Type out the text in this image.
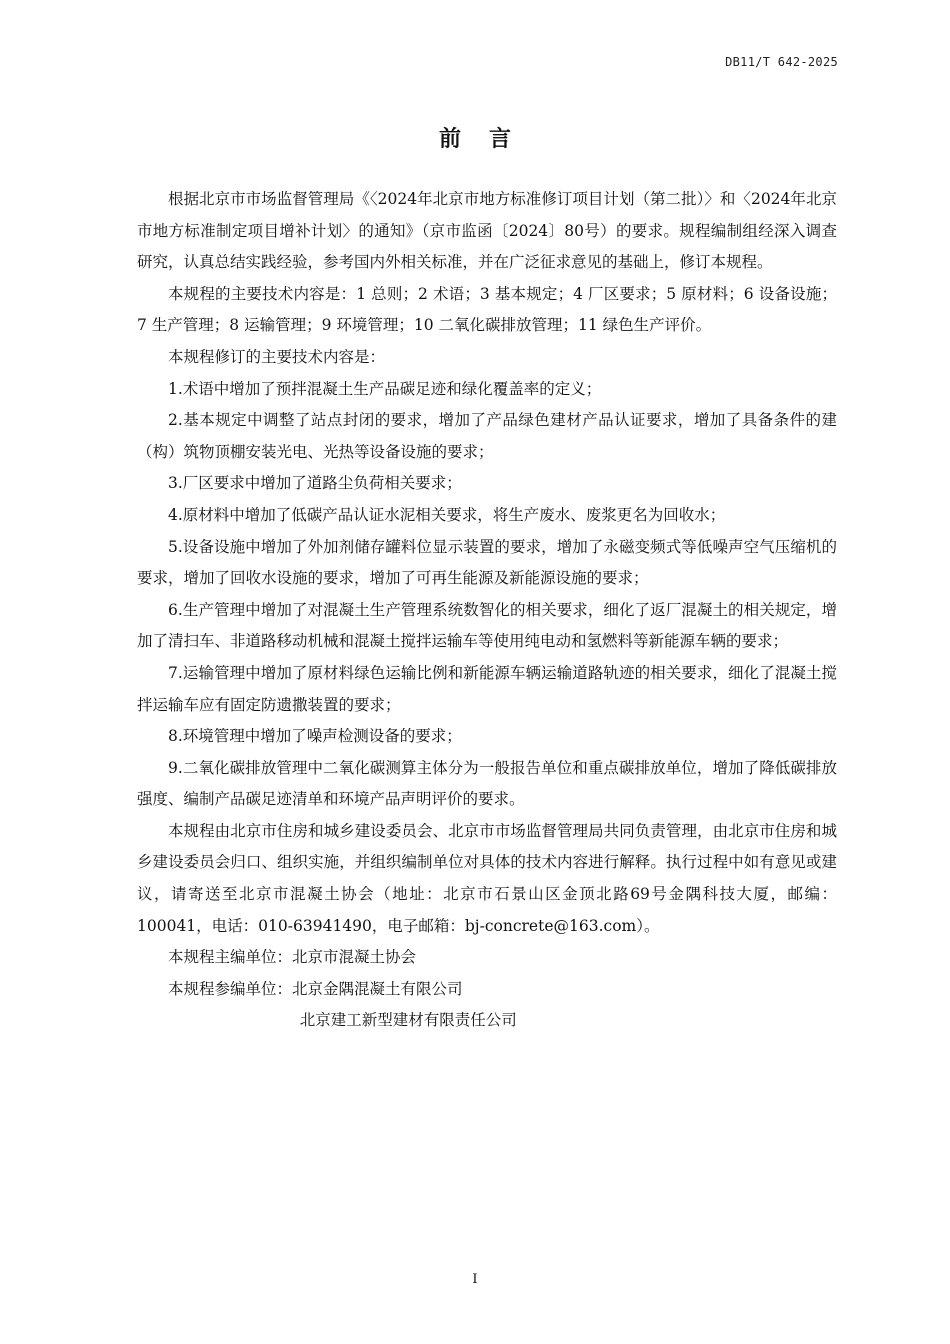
DB11/T 642-2025
前言

根据北京市市场监督管理局《〈2024年北京市地方标准修订项目计划（第二批）〉和〈2024年北京市地方标准制定项目增补计划〉的通知》（京市监函〔2024〕80号）的要求。规程编制组经深入调查研究，认真总结实践经验，参考国内外相关标准，并在广泛征求意见的基础上，修订本规程。

本规程的主要技术内容是：1 总则；2 术语；3 基本规定；4 厂区要求；5 原材料；6 设备设施；7 生产管理；8 运输管理；9 环境管理；10 二氧化碳排放管理；11 绿色生产评价。

本规程修订的主要技术内容是：

1.术语中增加了预拌混凝土生产品碳足迹和绿化覆盖率的定义；

2.基本规定中调整了站点封闭的要求，增加了产品绿色建材产品认证要求，增加了具备条件的建（构）筑物顶棚安装光电、光热等设备设施的要求；

3.厂区要求中增加了道路尘负荷相关要求；

4.原材料中增加了低碳产品认证水泥相关要求，将生产废水、废浆更名为回收水；

5.设备设施中增加了外加剂储存罐料位显示装置的要求，增加了永磁变频式等低噪声空气压缩机的要求，增加了回收水设施的要求，增加了可再生能源及新能源设施的要求；

6.生产管理中增加了对混凝土生产管理系统数智化的相关要求，细化了返厂混凝土的相关规定，增加了清扫车、非道路移动机械和混凝土搅拌运输车等使用纯电动和氢燃料等新能源车辆的要求；

7.运输管理中增加了原材料绿色运输比例和新能源车辆运输道路轨迹的相关要求，细化了混凝土搅拌运输车应有固定防遗撒装置的要求；

8.环境管理中增加了噪声检测设备的要求；

9.二氧化碳排放管理中二氧化碳测算主体分为一般报告单位和重点碳排放单位，增加了降低碳排放强度、编制产品碳足迹清单和环境产品声明评价的要求。

本规程由北京市住房和城乡建设委员会、北京市市场监督管理局共同负责管理，由北京市住房和城乡建设委员会归口、组织实施，并组织编制单位对具体的技术内容进行解释。执行过程中如有意见或建议，请寄送至北京市混凝土协会（地址：北京市石景山区金顶北路69号金隅科技大厦，邮编：100041，电话：010-63941490，电子邮箱：bj-concrete@163.com）。

本规程主编单位：北京市混凝土协会

本规程参编单位：北京金隅混凝土有限公司

北京建工新型建材有限责任公司

I
